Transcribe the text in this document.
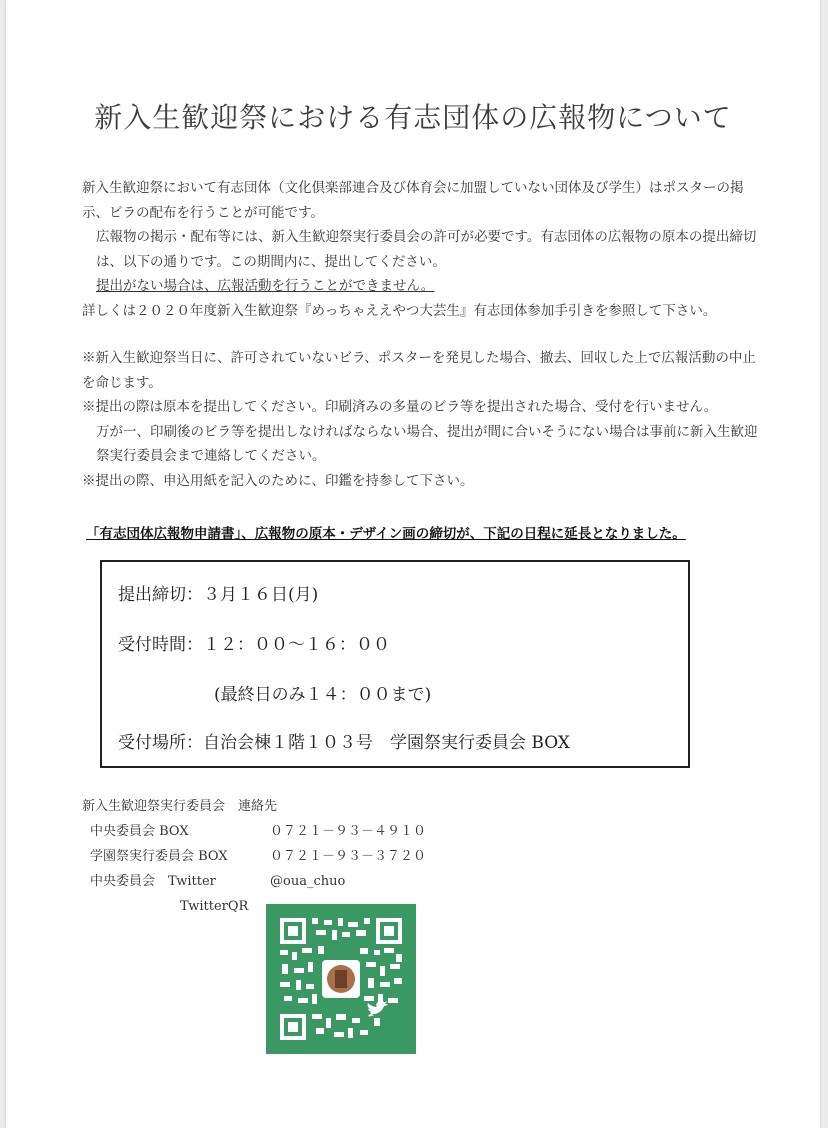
新入生歓迎祭における有志団体の広報物について

新入生歓迎祭において有志団体（文化倶楽部連合及び体育会に加盟していない団体及び学生）はポスターの掲示、ビラの配布を行うことが可能です。

広報物の掲示・配布等には、新入生歓迎祭実行委員会の許可が必要です。有志団体の広報物の原本の提出締切は、以下の通りです。この期間内に、提出してください。

提出がない場合は、広報活動を行うことができません。

詳しくは２０２０年度新入生歓迎祭『めっちゃええやつ大芸生』有志団体参加手引きを参照して下さい。

※新入生歓迎祭当日に、許可されていないビラ、ポスターを発見した場合、撤去、回収した上で広報活動の中止を命じます。

※提出の際は原本を提出してください。印刷済みの多量のビラ等を提出された場合、受付を行いません。

万が一、印刷後のビラ等を提出しなければならない場合、提出が間に合いそうにない場合は事前に新入生歓迎祭実行委員会まで連絡してください。

※提出の際、申込用紙を記入のために、印鑑を持参して下さい。

「有志団体広報物申請書」、広報物の原本・デザイン画の締切が、下記の日程に延長となりました。
提出締切：３月１６日(月)
受付時間：１２：００～１６：００
(最終日のみ１４：００まで)
受付場所：自治会棟１階１０３号　学園祭実行委員会 BOX
新入生歓迎祭実行委員会　連絡先
中央委員会 BOX	０７２１－９３－４９１０
学園祭実行委員会 BOX	０７２１－９３－３７２０
中央委員会　Twitter	@oua_chuo
TwitterQR
